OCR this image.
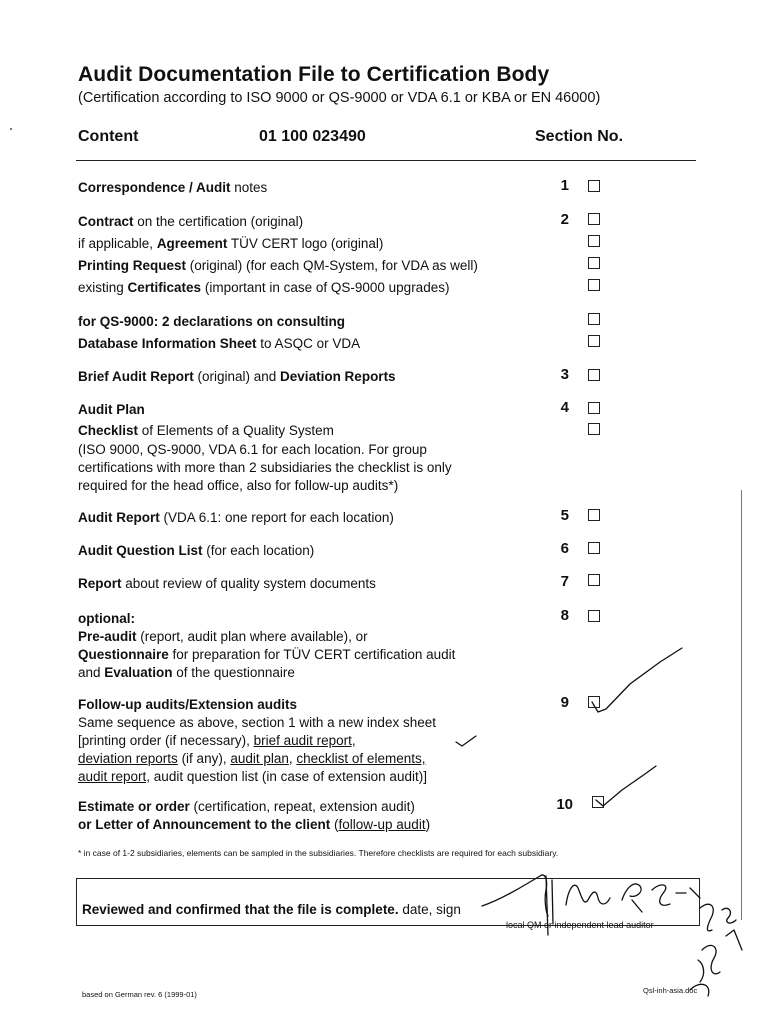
Audit Documentation File to Certification Body
(Certification according to ISO 9000 or QS-9000 or VDA 6.1 or KBA or EN 46000)
Content	01 100 023490	Section No.
Correspondence / Audit notes	1
Contract on the certification (original)	2
if applicable, Agreement TÜV CERT logo (original)
Printing Request (original) (for each QM-System, for VDA as well)
existing Certificates (important in case of QS-9000 upgrades)
for QS-9000: 2 declarations on consulting
Database Information Sheet to ASQC or VDA
Brief Audit Report (original) and Deviation Reports	3
Audit Plan	4
Checklist of Elements of a Quality System
(ISO 9000, QS-9000, VDA 6.1 for each location. For group
certifications with more than 2 subsidiaries the checklist is only
required for the head office, also for follow-up audits*)
Audit Report (VDA 6.1: one report for each location)	5
Audit Question List (for each location)	6
Report about review of quality system documents	7
optional:	8
Pre-audit (report, audit plan where available), or
Questionnaire for preparation for TÜV CERT certification audit
and Evaluation of the questionnaire
Follow-up audits/Extension audits	9
Same sequence as above, section 1 with a new index sheet
[printing order (if necessary), brief audit report,
deviation reports (if any), audit plan, checklist of elements,
audit report, audit question list (in case of extension audit)]
Estimate or order (certification, repeat, extension audit)	10
or Letter of Announcement to the client (follow-up audit)
* in case of 1-2 subsidiaries, elements can be sampled in the subsidiaries. Therefore checklists are required for each subsidiary.
Reviewed and confirmed that the file is complete. date, sign
local QM or independent lead auditor
based on German rev. 6 (1999-01)	Qsl-inh-asia.doc
